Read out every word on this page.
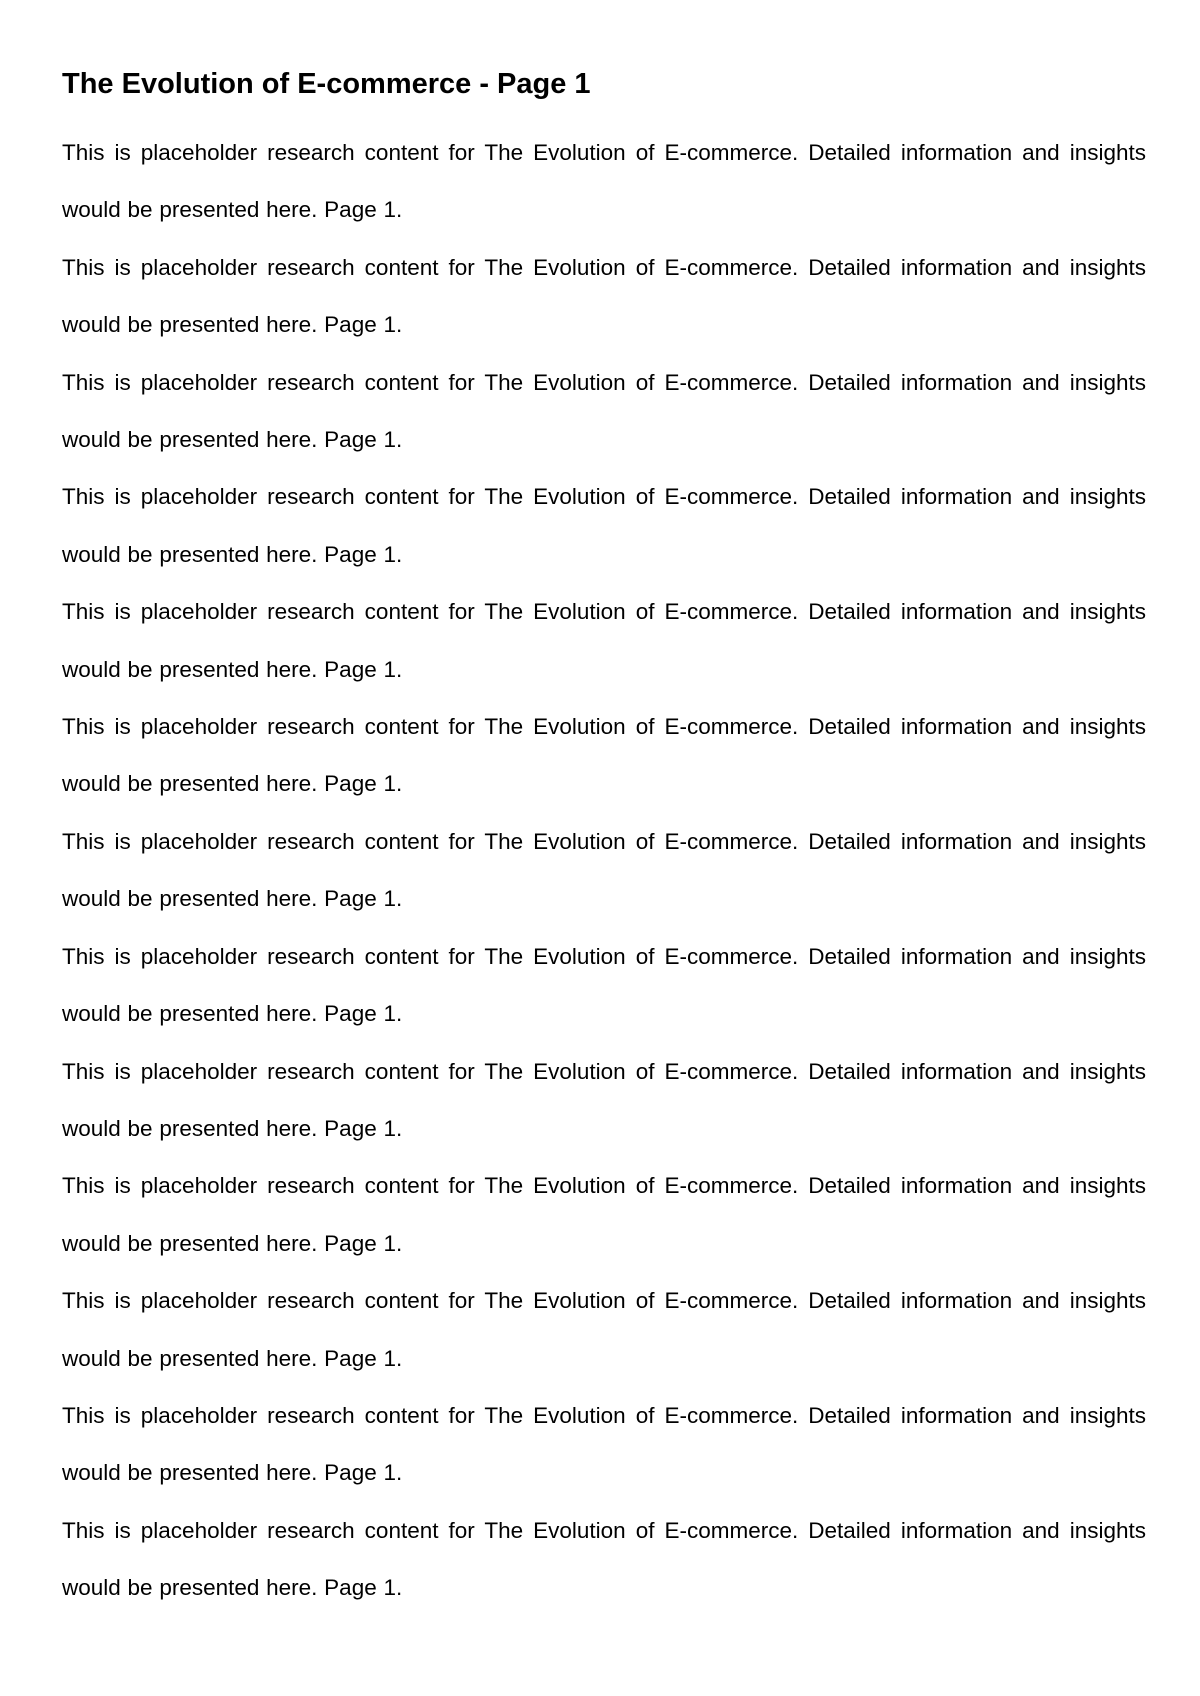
The Evolution of E-commerce - Page 1

This is placeholder research content for The Evolution of E-commerce. Detailed information and insights would be presented here. Page 1.

This is placeholder research content for The Evolution of E-commerce. Detailed information and insights would be presented here. Page 1.

This is placeholder research content for The Evolution of E-commerce. Detailed information and insights would be presented here. Page 1.

This is placeholder research content for The Evolution of E-commerce. Detailed information and insights would be presented here. Page 1.

This is placeholder research content for The Evolution of E-commerce. Detailed information and insights would be presented here. Page 1.

This is placeholder research content for The Evolution of E-commerce. Detailed information and insights would be presented here. Page 1.

This is placeholder research content for The Evolution of E-commerce. Detailed information and insights would be presented here. Page 1.

This is placeholder research content for The Evolution of E-commerce. Detailed information and insights would be presented here. Page 1.

This is placeholder research content for The Evolution of E-commerce. Detailed information and insights would be presented here. Page 1.

This is placeholder research content for The Evolution of E-commerce. Detailed information and insights would be presented here. Page 1.

This is placeholder research content for The Evolution of E-commerce. Detailed information and insights would be presented here. Page 1.

This is placeholder research content for The Evolution of E-commerce. Detailed information and insights would be presented here. Page 1.

This is placeholder research content for The Evolution of E-commerce. Detailed information and insights would be presented here. Page 1.
